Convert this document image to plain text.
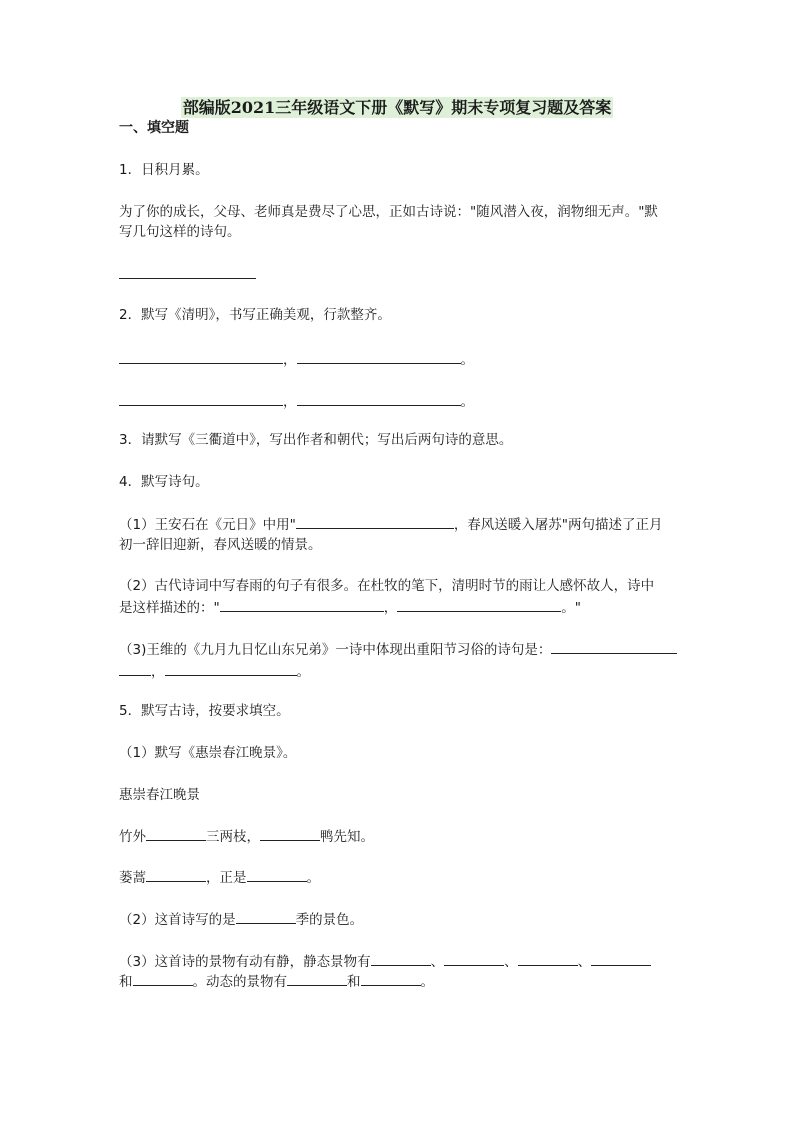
部编版2021三年级语文下册《默写》期末专项复习题及答案
一、填空题
1．日积月累。
为了你的成长，父母、老师真是费尽了心思，正如古诗说："随风潜入夜，润物细无声。"默
写几句这样的诗句。
2．默写《清明》，书写正确美观，行款整齐。
，	。
，	。
3．请默写《三衢道中》，写出作者和朝代；写出后两句诗的意思。
4．默写诗句。
（1）王安石在《元日》中用"	，春风送暖入屠苏"两句描述了正月
初一辞旧迎新，春风送暖的情景。
（2）古代诗词中写春雨的句子有很多。在杜牧的笔下，清明时节的雨让人感怀故人，诗中
是这样描述的："	，	。"
（3)王维的《九月九日忆山东兄弟》一诗中体现出重阳节习俗的诗句是：
，	。
5．默写古诗，按要求填空。
（1）默写《惠崇春江晚景》。
惠崇春江晚景
竹外	三两枝，	鸭先知。
蒌蒿	，正是	。
（2）这首诗写的是	季的景色。
（3）这首诗的景物有动有静，静态景物有	、	、	、
和	。动态的景物有	和	。
